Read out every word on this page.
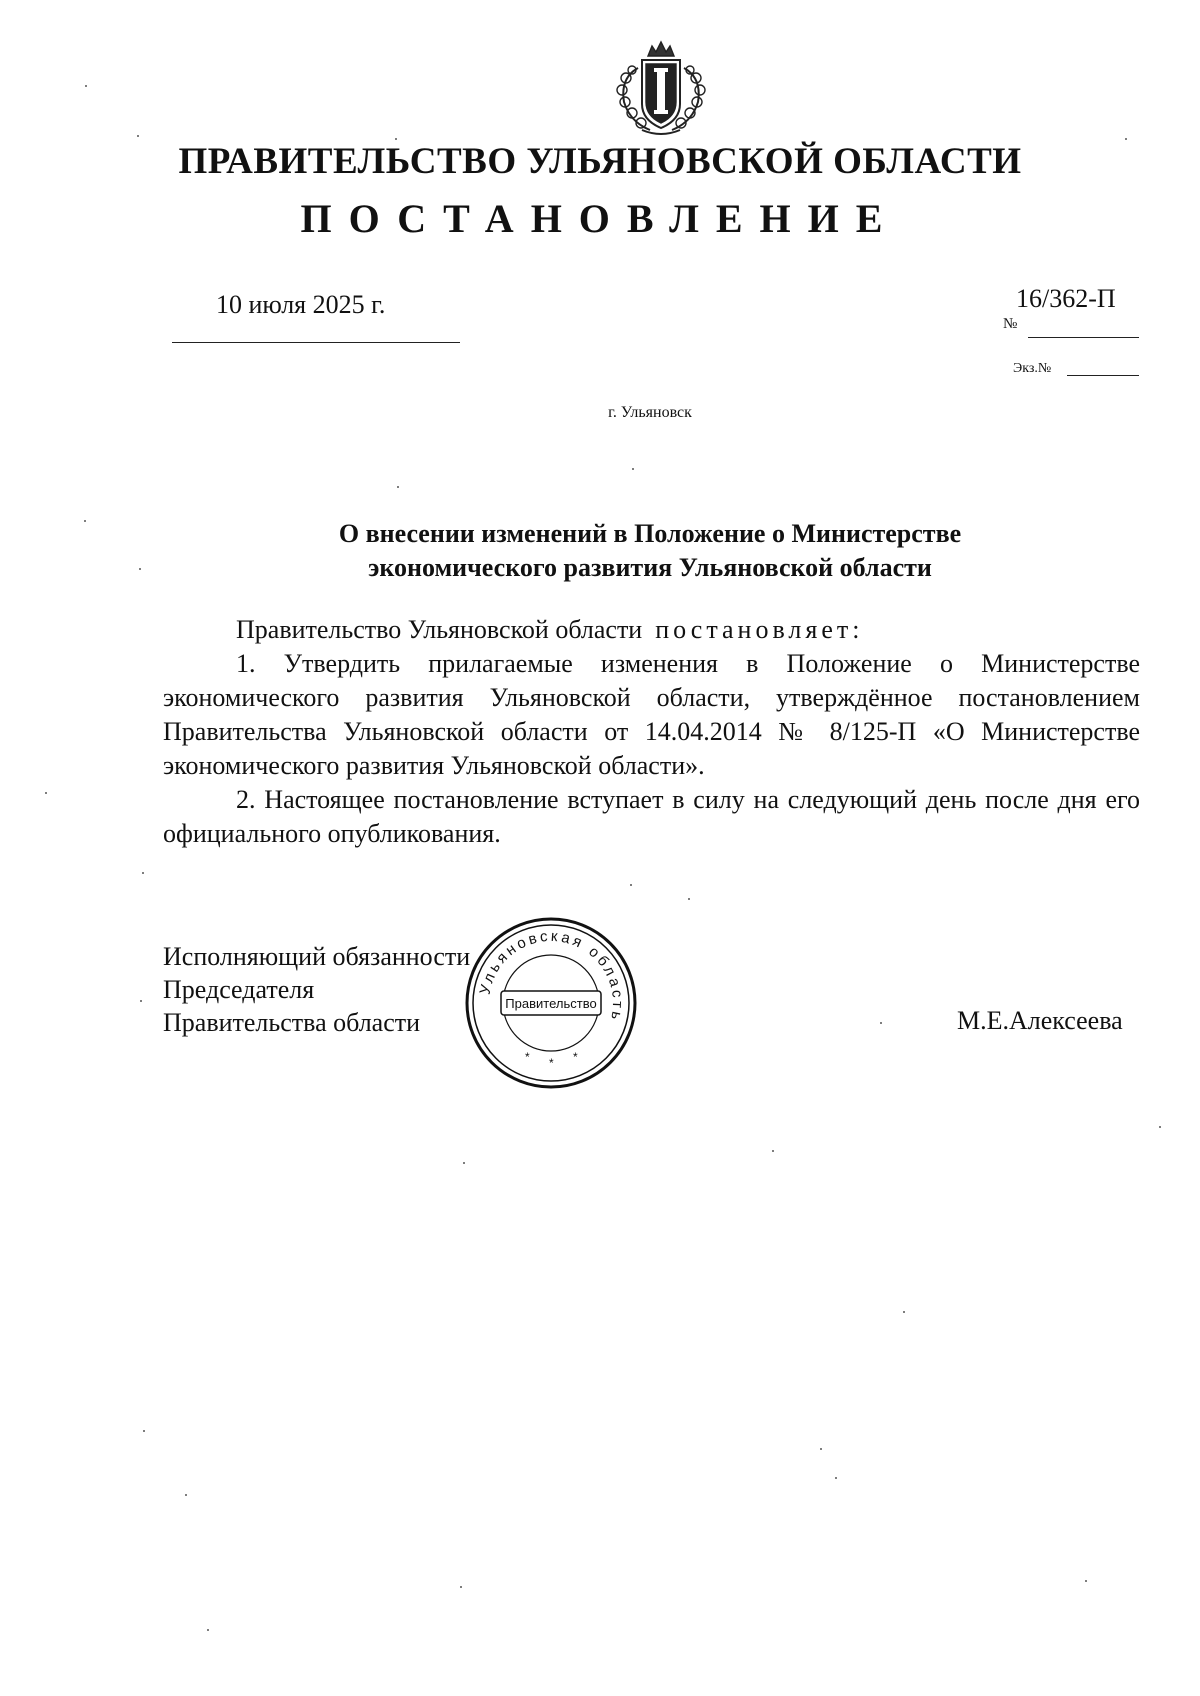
ПРАВИТЕЛЬСТВО УЛЬЯНОВСКОЙ ОБЛАСТИ
ПОСТАНОВЛЕНИЕ
10 июля 2025 г.	16/362-П
№
Экз.№
г. Ульяновск
О внесении изменений в Положение о Министерстве
экономического развития Ульяновской области

Правительство Ульяновской области постановляет:

1. Утвердить прилагаемые изменения в Положение о Министерстве экономического развития Ульяновской области, утверждённое постановлением Правительства Ульяновской области от 14.04.2014 № 8/125-П «О Министерстве экономического развития Ульяновской области».

2. Настоящее постановление вступает в силу на следующий день после дня его официального опубликования.

Исполняющий обязанности
Председателя
Правительства области	М.Е.Алексеева
Ульяновская область
Правительство
* * *
